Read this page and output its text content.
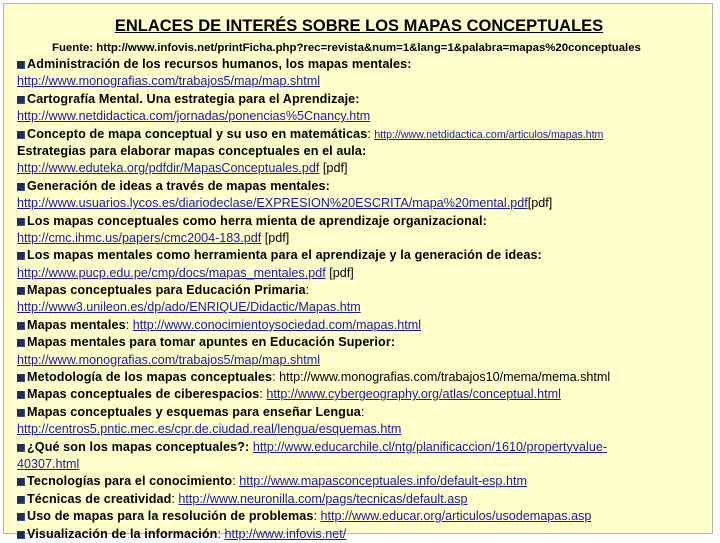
ENLACES DE INTERÉS SOBRE LOS MAPAS CONCEPTUALES
Fuente: http://www.infovis.net/printFicha.php?rec=revista&num=1&lang=1&palabra=mapas%20conceptuales
Administración de los recursos humanos, los mapas mentales:
http://www.monografias.com/trabajos5/map/map.shtml
Cartografía Mental. Una estrategia para el Aprendizaje:
http://www.netdidactica.com/jornadas/ponencias%5Cnancy.htm
Concepto de mapa conceptual y su uso en matemáticas: http://www.netdidactica.com/articulos/mapas.htm
Estrategias para elaborar mapas conceptuales en el aula:
http://www.eduteka.org/pdfdir/MapasConceptuales.pdf [pdf]
Generación de ideas a través de mapas mentales:
http://www.usuarios.lycos.es/diariodeclase/EXPRESION%20ESCRITA/mapa%20mental.pdf[pdf]
Los mapas conceptuales como herra mienta de aprendizaje organizacional:
http://cmc.ihmc.us/papers/cmc2004-183.pdf [pdf]
Los mapas mentales como herramienta para el aprendizaje y la generación de ideas:
http://www.pucp.edu.pe/cmp/docs/mapas_mentales.pdf [pdf]
Mapas conceptuales para Educación Primaria:
http://www3.unileon.es/dp/ado/ENRIQUE/Didactic/Mapas.htm
Mapas mentales: http://www.conocimientoysociedad.com/mapas.html
Mapas mentales para tomar apuntes en Educación Superior:
http://www.monografias.com/trabajos5/map/map.shtml
Metodología de los mapas conceptuales: http://www.monografias.com/trabajos10/mema/mema.shtml
Mapas conceptuales de ciberespacios: http://www.cybergeography.org/atlas/conceptual.html
Mapas conceptuales y esquemas para enseñar Lengua:
http://centros5.pntic.mec.es/cpr.de.ciudad.real/lengua/esquemas.htm
¿Qué son los mapas conceptuales?: http://www.educarchile.cl/ntg/planificaccion/1610/propertyvalue-
40307.html
Tecnologías para el conocimiento: http://www.mapasconceptuales.info/default-esp.htm
Técnicas de creatividad: http://www.neuronilla.com/pags/tecnicas/default.asp
Uso de mapas para la resolución de problemas: http://www.educar.org/articulos/usodemapas.asp
Visualización de la información: http://www.infovis.net/
